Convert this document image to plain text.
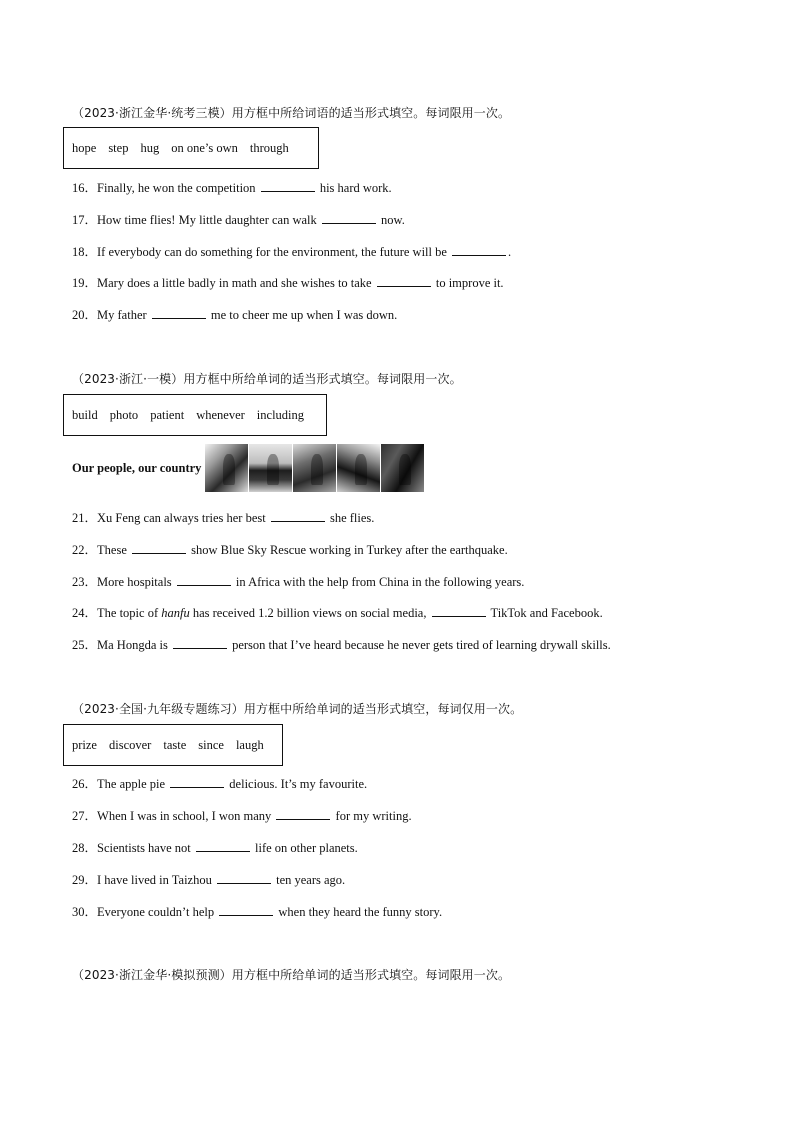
（2023·浙江金华·统考三模）用方框中所给词语的适当形式填空。每词限用一次。
hope step hug on one’s own through
16．Finally, he won the competition	his hard work.
17．How time flies! My little daughter can walk	now.
18．If everybody can do something for the environment, the future will be	.
19．Mary does a little badly in math and she wishes to take	to improve it.
20．My father	me to cheer me up when I was down.
（2023·浙江·一模）用方框中所给单词的适当形式填空。每词限用一次。
build photo patient whenever including
Our people, our country
21．Xu Feng can always tries her best	she flies.
22．These	show Blue Sky Rescue working in Turkey after the earthquake.
23．More hospitals	in Africa with the help from China in the following years.
24．The topic of hanfu has received 1.2 billion views on social media,	TikTok and Facebook.
25．Ma Hongda is	person that I’ve heard because he never gets tired of learning drywall skills.
（2023·全国·九年级专题练习）用方框中所给单词的适当形式填空，每词仅用一次。
prize discover taste since laugh
26．The apple pie	delicious. It’s my favourite.
27．When I was in school, I won many	for my writing.
28．Scientists have not	life on other planets.
29．I have lived in Taizhou	ten years ago.
30．Everyone couldn’t help	when they heard the funny story.
（2023·浙江金华·模拟预测）用方框中所给单词的适当形式填空。每词限用一次。
